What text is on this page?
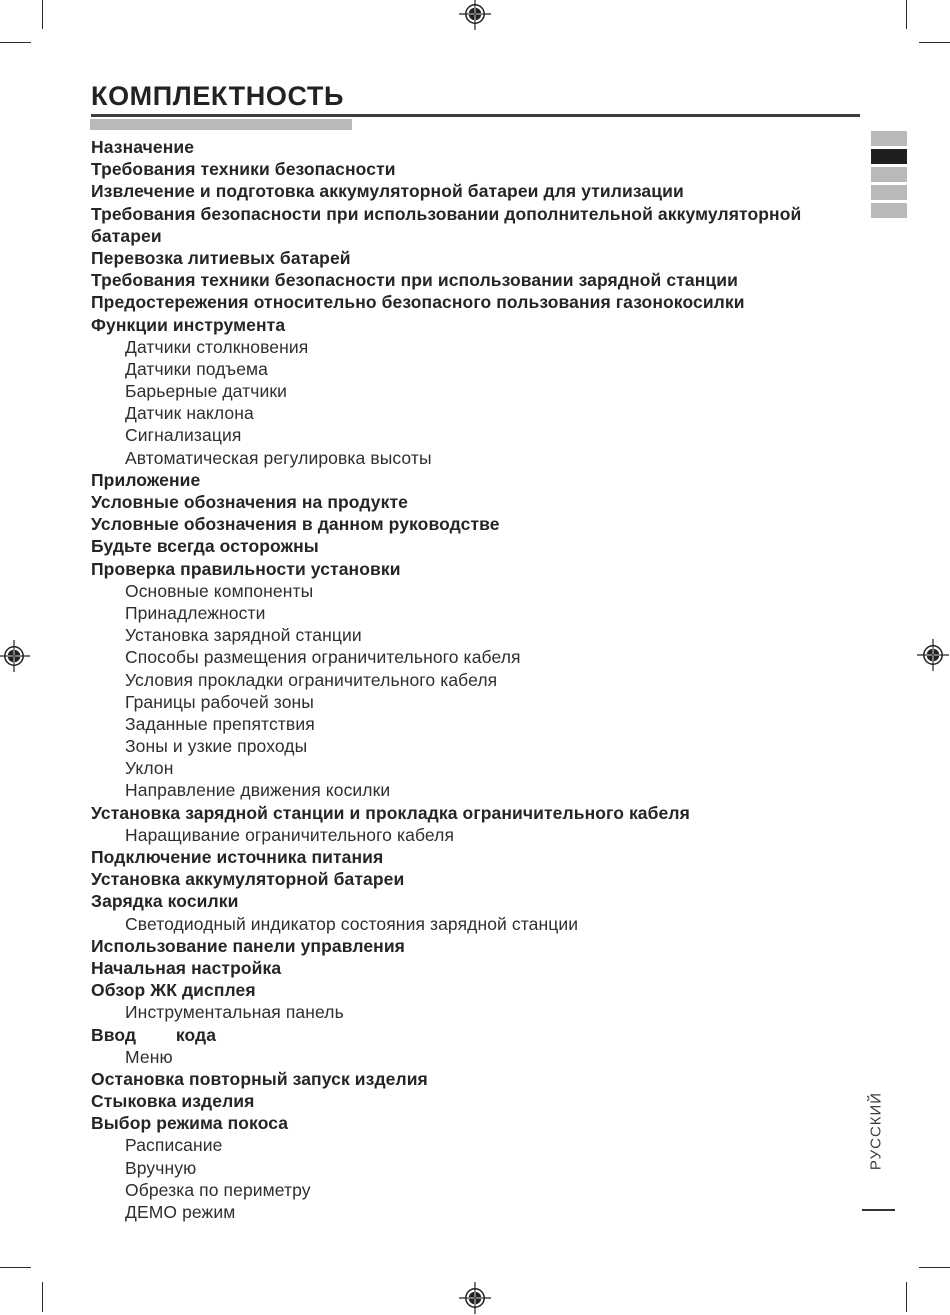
КОМПЛЕКТНОСТЬ
Назначение
Требования техники безопасности
Извлечение и подготовка аккумуляторной батареи для утилизации
Требования безопасности при использовании дополнительной аккумуляторной
батареи
Перевозка литиевых батарей
Требования техники безопасности при использовании зарядной станции
Предостережения относительно безопасного пользования газонокосилки
Функции инструмента
Датчики столкновения
Датчики подъема
Барьерные датчики
Датчик наклона
Сигнализация
Автоматическая регулировка высоты
Приложение
Условные обозначения на продукте
Условные обозначения в данном руководстве
Будьте всегда осторожны
Проверка правильности установки
Основные компоненты
Принадлежности
Установка зарядной станции
Способы размещения ограничительного кабеля
Условия прокладки ограничительного кабеля
Границы рабочей зоны
Заданные препятствия
Зоны и узкие проходы
Уклон
Направление движения косилки
Установка зарядной станции и прокладка ограничительного кабеля
Наращивание ограничительного кабеля
Подключение источника питания
Установка аккумуляторной батареи
Зарядка косилки
Светодиодный индикатор состояния зарядной станции
Использование панели управления
Начальная настройка
Обзор ЖК дисплея
Инструментальная панель
Ввод        кода
Меню
Остановка повторный запуск изделия
Стыковка изделия
Выбор режима покоса
Расписание
Вручную
Обрезка по периметру
ДЕМО режим
РУССКИЙ
